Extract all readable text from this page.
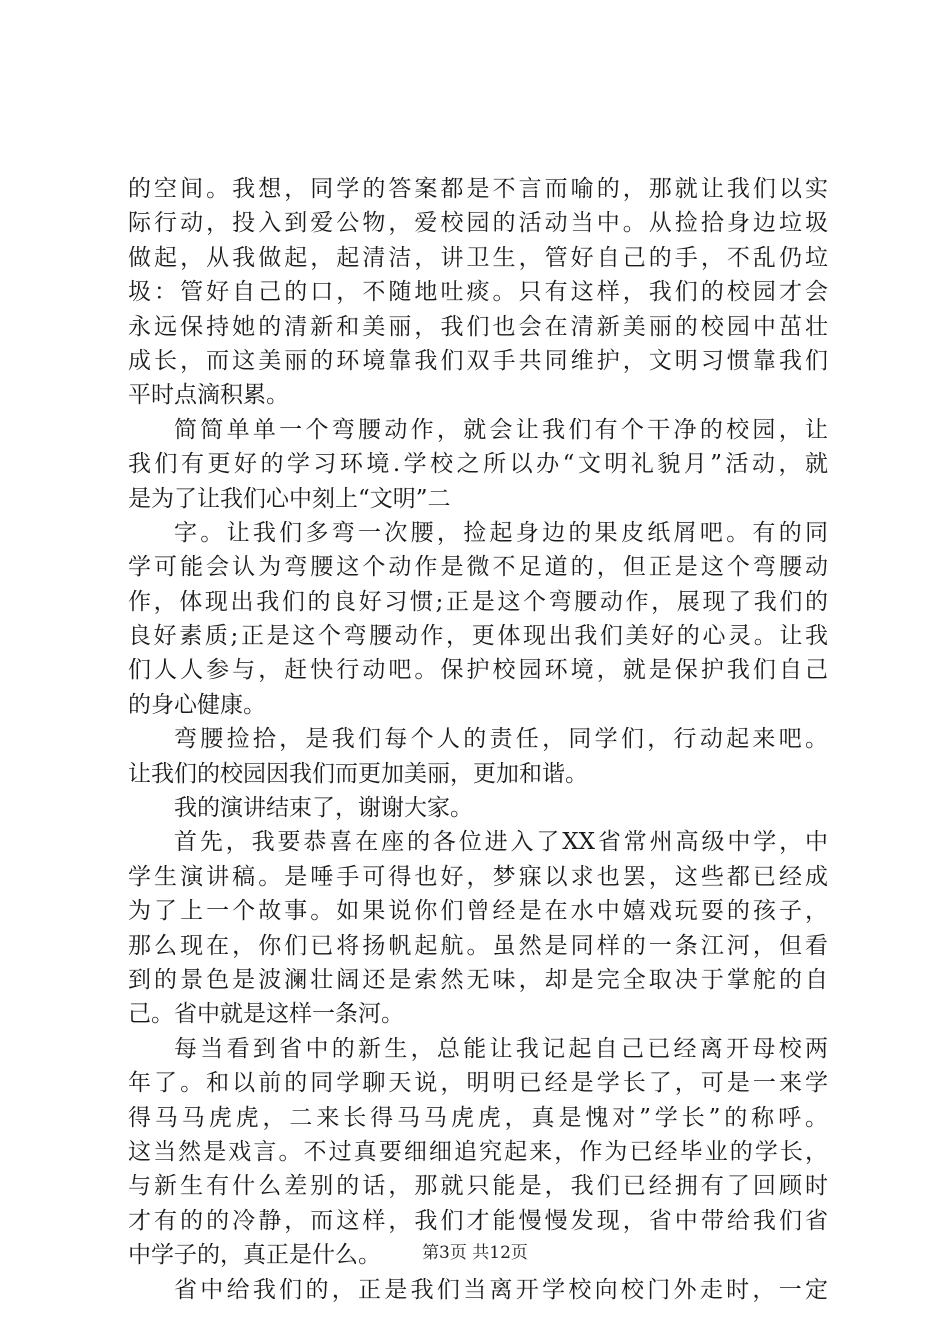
的空间。我想，同学的答案都是不言而喻的，那就让我们以实
际行动，投入到爱公物，爱校园的活动当中。从捡拾身边垃圾
做起，从我做起，起清洁，讲卫生，管好自己的手，不乱仍垃
圾：管好自己的口，不随地吐痰。只有这样，我们的校园才会
永远保持她的清新和美丽，我们也会在清新美丽的校园中茁壮
成长，而这美丽的环境靠我们双手共同维护，文明习惯靠我们
平时点滴积累。
简简单单一个弯腰动作，就会让我们有个干净的校园，让
我们有更好的学习环境.学校之所以办“文明礼貌月”活动，就
是为了让我们心中刻上“文明”二
字。让我们多弯一次腰，捡起身边的果皮纸屑吧。有的同
学可能会认为弯腰这个动作是微不足道的，但正是这个弯腰动
作，体现出我们的良好习惯;正是这个弯腰动作，展现了我们的
良好素质;正是这个弯腰动作，更体现出我们美好的心灵。让我
们人人参与，赶快行动吧。保护校园环境，就是保护我们自己
的身心健康。
弯腰捡拾，是我们每个人的责任，同学们，行动起来吧。
让我们的校园因我们而更加美丽，更加和谐。
我的演讲结束了，谢谢大家。
首先，我要恭喜在座的各位进入了XX省常州高级中学，中
学生演讲稿。是唾手可得也好，梦寐以求也罢，这些都已经成
为了上一个故事。如果说你们曾经是在水中嬉戏玩耍的孩子，
那么现在，你们已将扬帆起航。虽然是同样的一条江河，但看
到的景色是波澜壮阔还是索然无味，却是完全取决于掌舵的自
己。省中就是这样一条河。
每当看到省中的新生，总能让我记起自己已经离开母校两
年了。和以前的同学聊天说，明明已经是学长了，可是一来学
得马马虎虎，二来长得马马虎虎，真是愧对”学长”的称呼。
这当然是戏言。不过真要细细追究起来，作为已经毕业的学长，
与新生有什么差别的话，那就只能是，我们已经拥有了回顾时
才有的的冷静，而这样，我们才能慢慢发现，省中带给我们省
中学子的，真正是什么。
省中给我们的，正是我们当离开学校向校门外走时，一定
第3页 共12页
